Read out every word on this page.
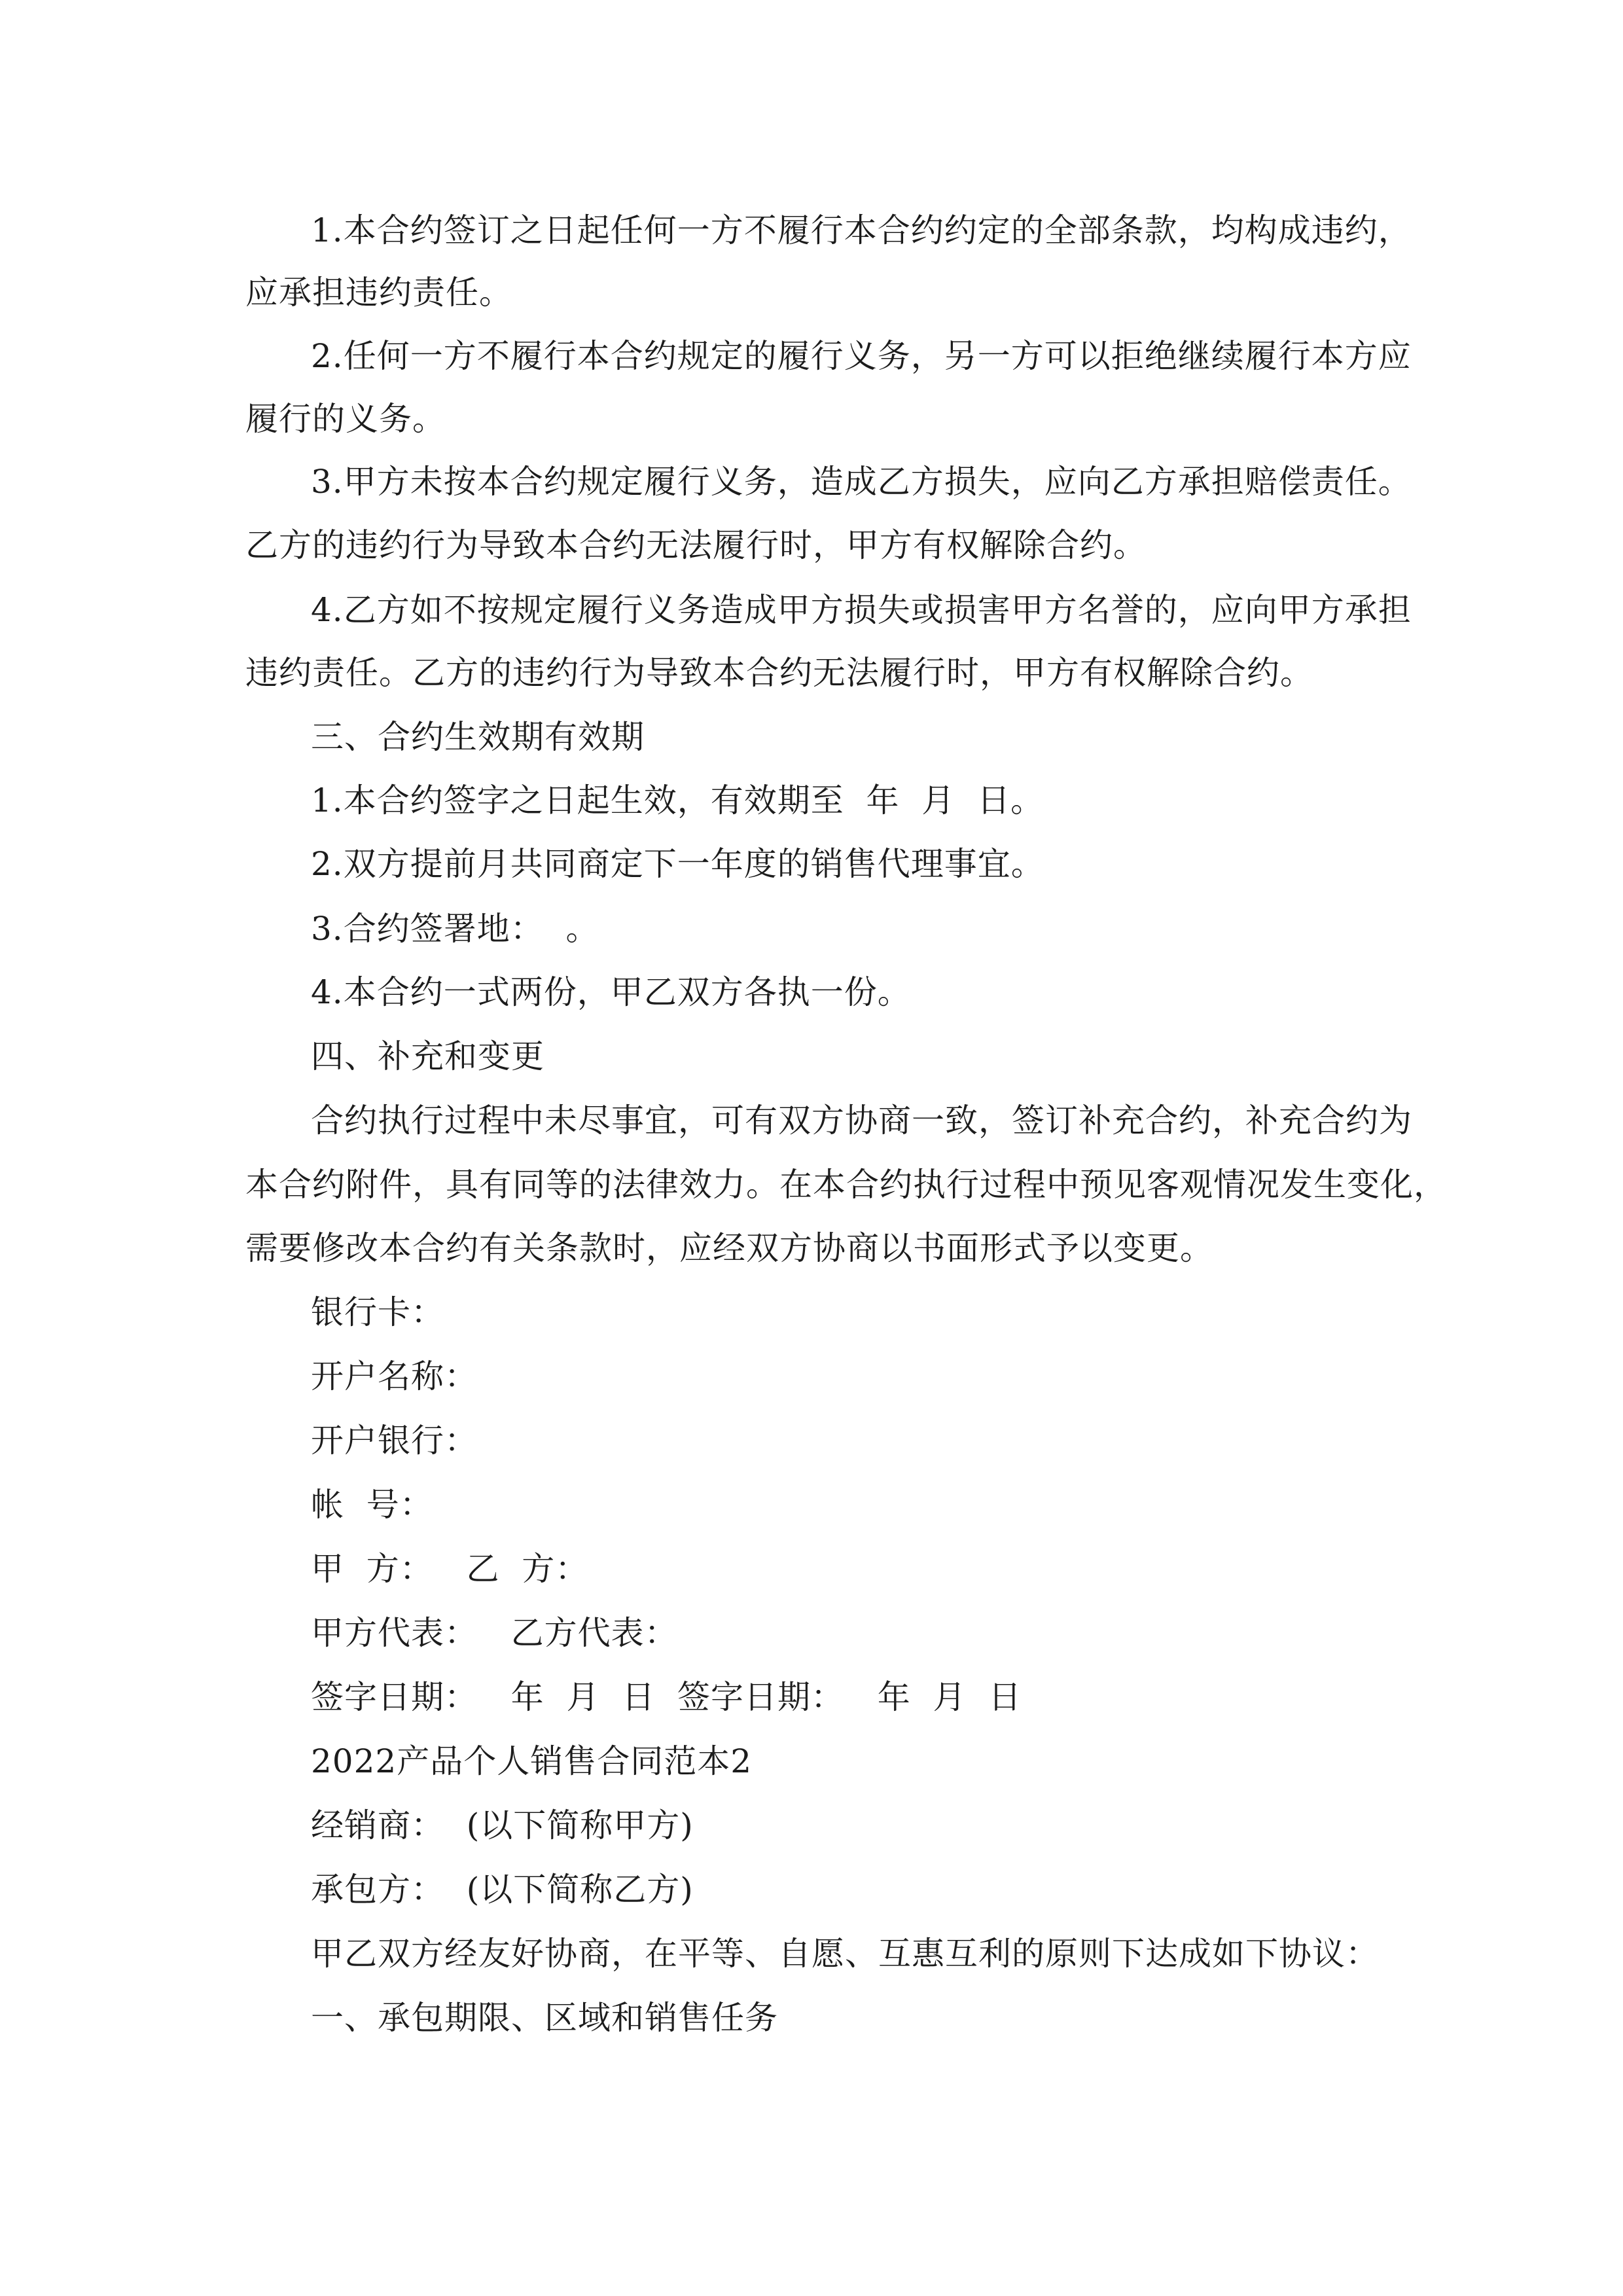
1.本合约签订之日起任何一方不履行本合约约定的全部条款，均构成违约，
应承担违约责任。
2.任何一方不履行本合约规定的履行义务，另一方可以拒绝继续履行本方应
履行的义务。
3.甲方未按本合约规定履行义务，造成乙方损失，应向乙方承担赔偿责任。
乙方的违约行为导致本合约无法履行时，甲方有权解除合约。
4.乙方如不按规定履行义务造成甲方损失或损害甲方名誉的，应向甲方承担
违约责任。乙方的违约行为导致本合约无法履行时，甲方有权解除合约。
三、合约生效期有效期
1.本合约签字之日起生效，有效期至  年  月  日。
2.双方提前月共同商定下一年度的销售代理事宜。
3.合约签署地：  。
4.本合约一式两份，甲乙双方各执一份。
四、补充和变更
合约执行过程中未尽事宜，可有双方协商一致，签订补充合约，补充合约为
本合约附件，具有同等的法律效力。在本合约执行过程中预见客观情况发生变化，
需要修改本合约有关条款时，应经双方协商以书面形式予以变更。
银行卡：
开户名称：
开户银行：
帐  号：
甲  方：   乙  方：
甲方代表：   乙方代表：
签字日期：   年  月  日  签字日期：   年  月  日
2022产品个人销售合同范本2
经销商：  (以下简称甲方)
承包方：  (以下简称乙方)
甲乙双方经友好协商，在平等、自愿、互惠互利的原则下达成如下协议：
一、承包期限、区域和销售任务
